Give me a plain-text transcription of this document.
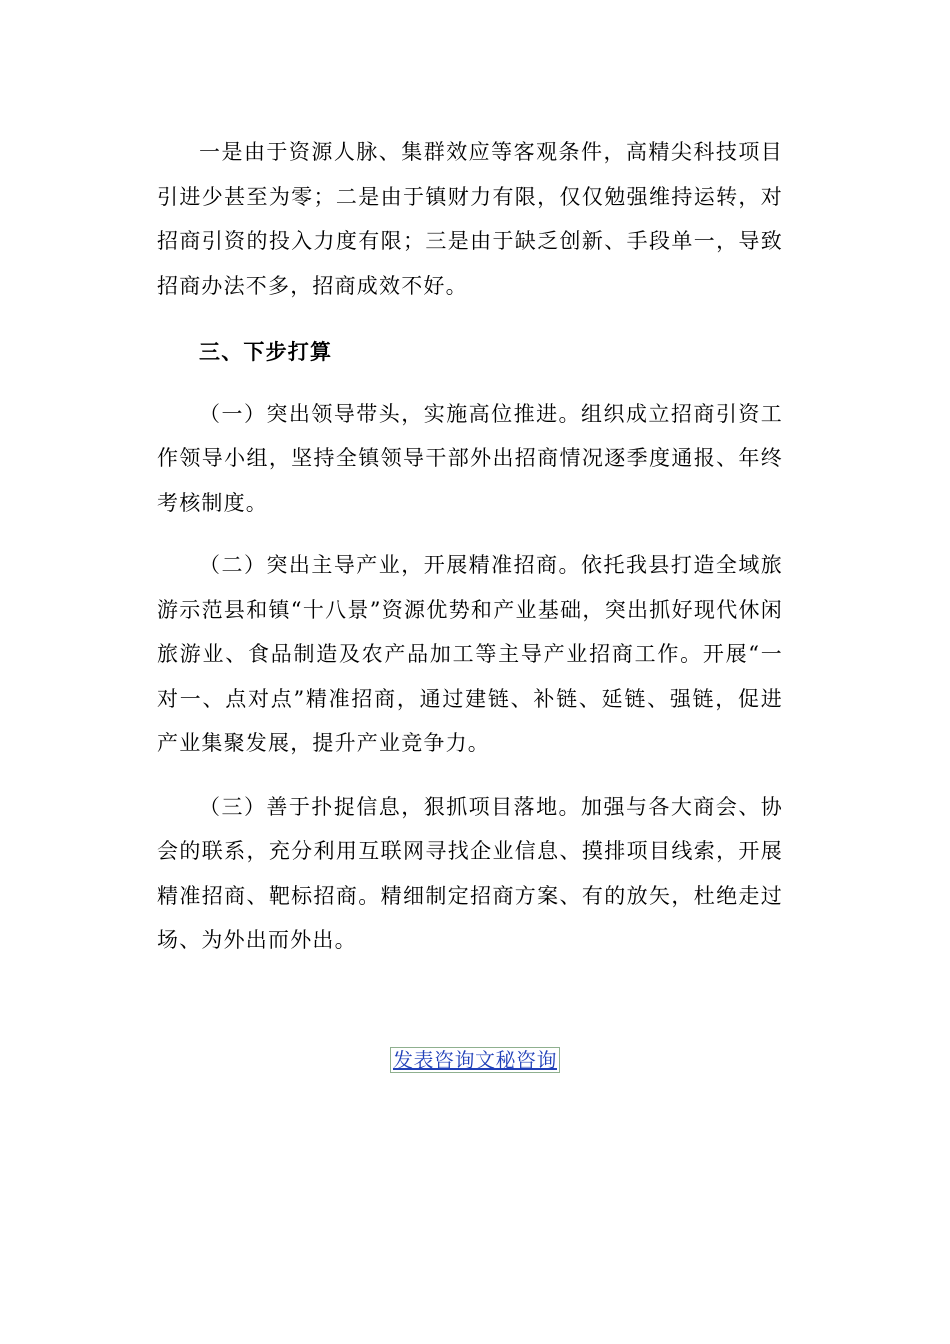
一是由于资源人脉、集群效应等客观条件，高精尖科技项目引进少甚至为零；二是由于镇财力有限，仅仅勉强维持运转，对招商引资的投入力度有限；三是由于缺乏创新、手段单一，导致招商办法不多，招商成效不好。

三、下步打算

（一）突出领导带头，实施高位推进。组织成立招商引资工作领导小组，坚持全镇领导干部外出招商情况逐季度通报、年终考核制度。

（二）突出主导产业，开展精准招商。依托我县打造全域旅游示范县和镇“十八景”资源优势和产业基础，突出抓好现代休闲旅游业、食品制造及农产品加工等主导产业招商工作。开展“一对一、点对点”精准招商，通过建链、补链、延链、强链，促进产业集聚发展，提升产业竞争力。

（三）善于扑捉信息，狠抓项目落地。加强与各大商会、协会的联系，充分利用互联网寻找企业信息、摸排项目线索，开展精准招商、靶标招商。精细制定招商方案、有的放矢，杜绝走过场、为外出而外出。

发表咨询文秘咨询
